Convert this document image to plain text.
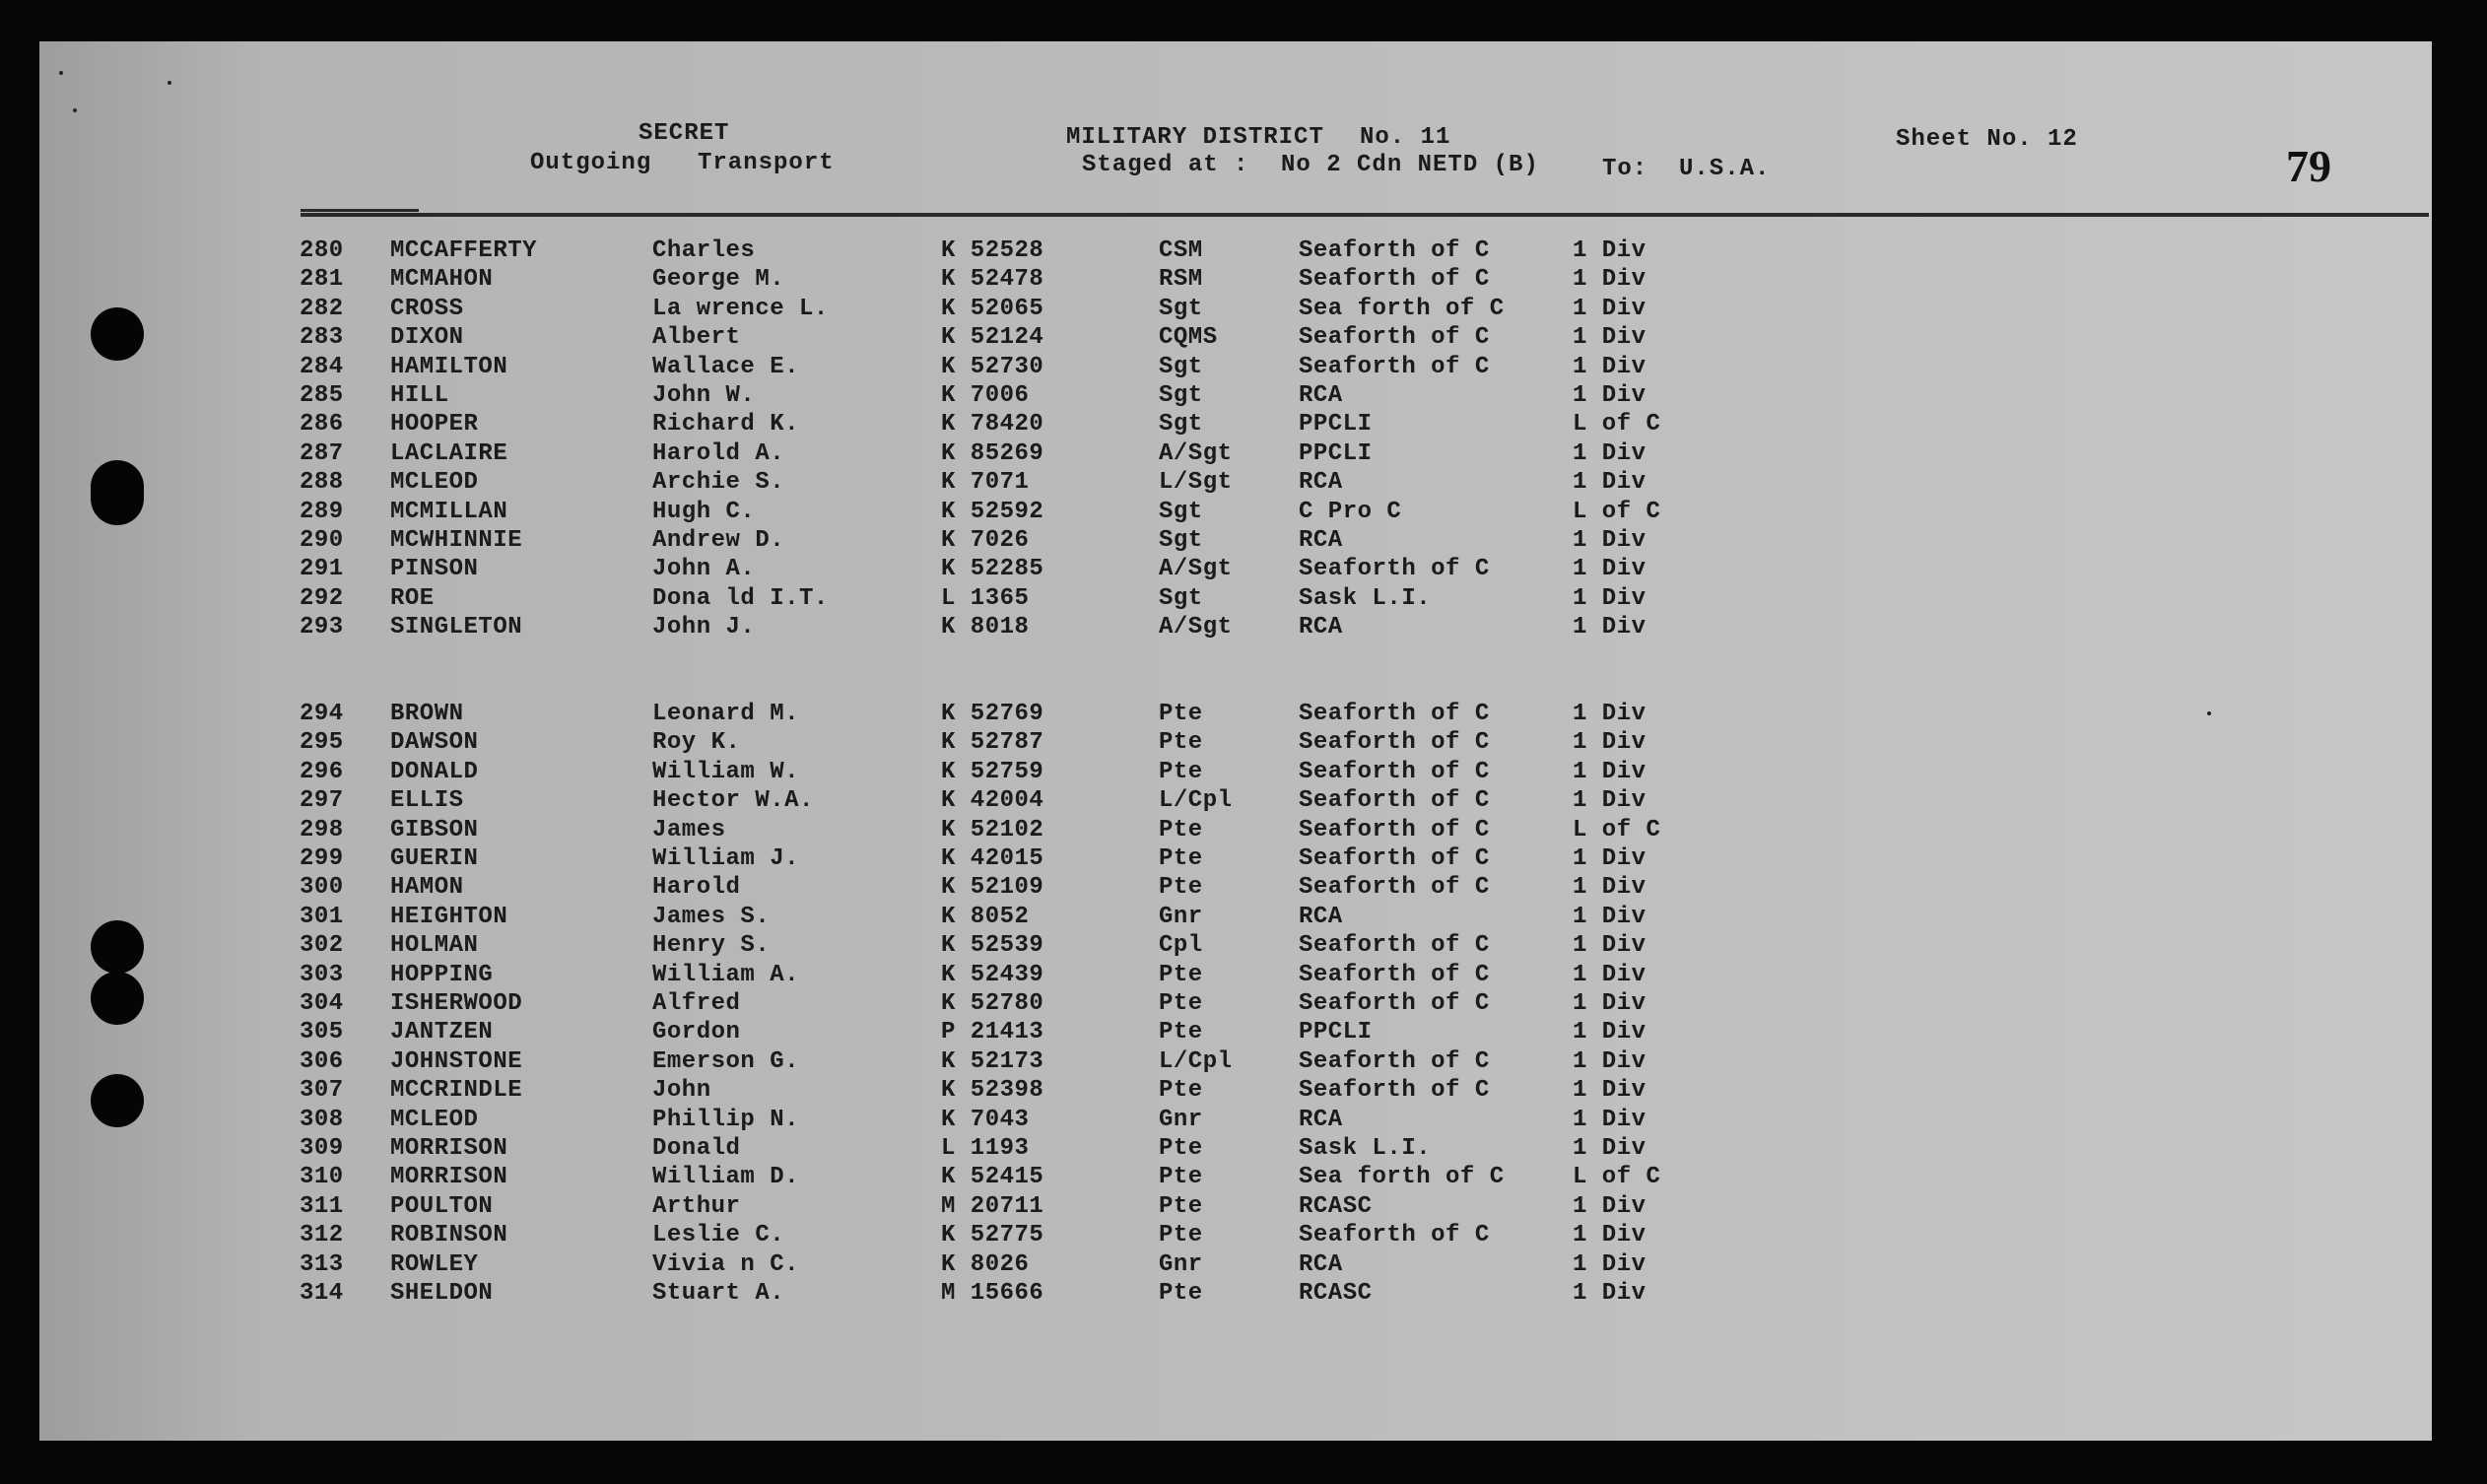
SECRET
Outgoing Transport
MILITARY DISTRICT No. 11
Staged at : No 2 Cdn NETD (B)	To: U.S.A.
Sheet No. 12
79
280 MCCAFFERTY	Charles	K 52528	CSM	Seaforth of C	1 Div
281 MCMAHON	George M.	K 52478	RSM	Seaforth of C	1 Div
282 CROSS	La wrence L.	K 52065	Sgt	Sea forth of C	1 Div
283 DIXON	Albert	K 52124	CQMS	Seaforth of C	1 Div
284 HAMILTON	Wallace E.	K 52730	Sgt	Seaforth of C	1 Div
285 HILL	John W.	K 7006	Sgt	RCA	1 Div
286 HOOPER	Richard K.	K 78420	Sgt	PPCLI	L of C
287 LACLAIRE	Harold A.	K 85269	A/Sgt	PPCLI	1 Div
288 MCLEOD	Archie S.	K 7071	L/Sgt	RCA	1 Div
289 MCMILLAN	Hugh C.	K 52592	Sgt	C Pro C	L of C
290 MCWHINNIE	Andrew D.	K 7026	Sgt	RCA	1 Div
291 PINSON	John A.	K 52285	A/Sgt	Seaforth of C	1 Div
292 ROE	Dona ld I.T.	L 1365	Sgt	Sask L.I.	1 Div
293 SINGLETON	John J.	K 8018	A/Sgt	RCA	1 Div
294 BROWN	Leonard M.	K 52769	Pte	Seaforth of C	1 Div
295 DAWSON	Roy K.	K 52787	Pte	Seaforth of C	1 Div
296 DONALD	William W.	K 52759	Pte	Seaforth of C	1 Div
297 ELLIS	Hector W.A.	K 42004	L/Cpl	Seaforth of C	1 Div
298 GIBSON	James	K 52102	Pte	Seaforth of C	L of C
299 GUERIN	William J.	K 42015	Pte	Seaforth of C	1 Div
300 HAMON	Harold	K 52109	Pte	Seaforth of C	1 Div
301 HEIGHTON	James S.	K 8052	Gnr	RCA	1 Div
302 HOLMAN	Henry S.	K 52539	Cpl	Seaforth of C	1 Div
303 HOPPING	William A.	K 52439	Pte	Seaforth of C	1 Div
304 ISHERWOOD	Alfred	K 52780	Pte	Seaforth of C	1 Div
305 JANTZEN	Gordon	P 21413	Pte	PPCLI	1 Div
306 JOHNSTONE	Emerson G.	K 52173	L/Cpl	Seaforth of C	1 Div
307 MCCRINDLE	John	K 52398	Pte	Seaforth of C	1 Div
308 MCLEOD	Phillip N.	K 7043	Gnr	RCA	1 Div
309 MORRISON	Donald	L 1193	Pte	Sask L.I.	1 Div
310 MORRISON	William D.	K 52415	Pte	Sea forth of C	L of C
311 POULTON	Arthur	M 20711	Pte	RCASC	1 Div
312 ROBINSON	Leslie C.	K 52775	Pte	Seaforth of C	1 Div
313 ROWLEY	Vivia n C.	K 8026	Gnr	RCA	1 Div
314 SHELDON	Stuart A.	M 15666	Pte	RCASC	1 Div
